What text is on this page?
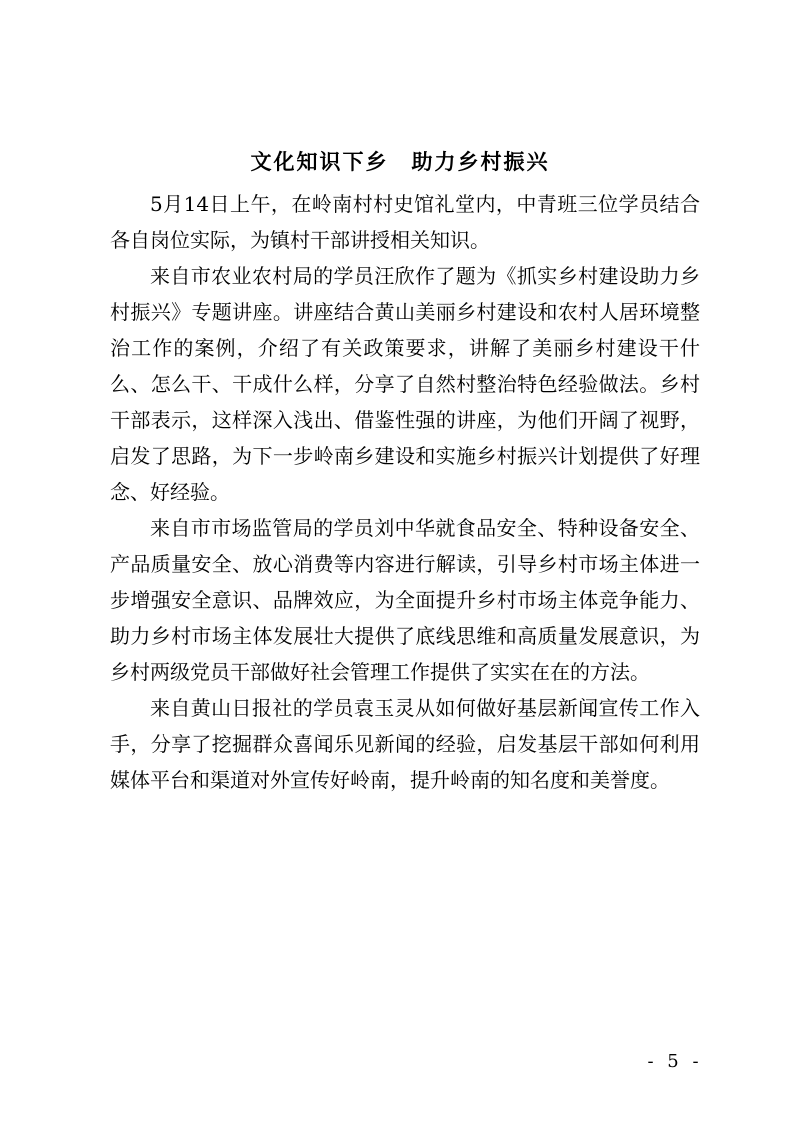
文化知识下乡　助力乡村振兴

5月14日上午，在岭南村村史馆礼堂内，中青班三位学员结合各自岗位实际，为镇村干部讲授相关知识。

来自市农业农村局的学员汪欣作了题为《抓实乡村建设助力乡村振兴》专题讲座。讲座结合黄山美丽乡村建设和农村人居环境整治工作的案例，介绍了有关政策要求，讲解了美丽乡村建设干什么、怎么干、干成什么样，分享了自然村整治特色经验做法。乡村干部表示，这样深入浅出、借鉴性强的讲座，为他们开阔了视野，启发了思路，为下一步岭南乡建设和实施乡村振兴计划提供了好理念、好经验。

来自市市场监管局的学员刘中华就食品安全、特种设备安全、产品质量安全、放心消费等内容进行解读，引导乡村市场主体进一步增强安全意识、品牌效应，为全面提升乡村市场主体竞争能力、助力乡村市场主体发展壮大提供了底线思维和高质量发展意识，为乡村两级党员干部做好社会管理工作提供了实实在在的方法。

来自黄山日报社的学员袁玉灵从如何做好基层新闻宣传工作入手，分享了挖掘群众喜闻乐见新闻的经验，启发基层干部如何利用媒体平台和渠道对外宣传好岭南，提升岭南的知名度和美誉度。

- 5 -
